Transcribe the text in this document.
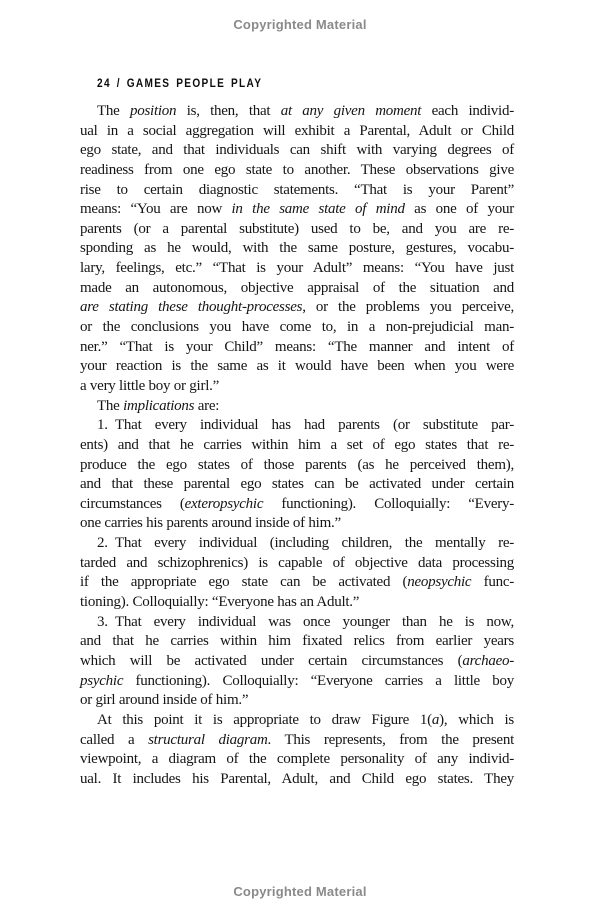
Copyrighted Material
24 / GAMES PEOPLE PLAY
The position is, then, that at any given moment each individ-
ual in a social aggregation will exhibit a Parental, Adult or Child
ego state, and that individuals can shift with varying degrees of
readiness from one ego state to another. These observations give
rise to certain diagnostic statements. “That is your Parent”
means: “You are now in the same state of mind as one of your
parents (or a parental substitute) used to be, and you are re-
sponding as he would, with the same posture, gestures, vocabu-
lary, feelings, etc.” “That is your Adult” means: “You have just
made an autonomous, objective appraisal of the situation and
are stating these thought-processes, or the problems you perceive,
or the conclusions you have come to, in a non-prejudicial man-
ner.” “That is your Child” means: “The manner and intent of
your reaction is the same as it would have been when you were
a very little boy or girl.”
The implications are:
1. That every individual has had parents (or substitute par-
ents) and that he carries within him a set of ego states that re-
produce the ego states of those parents (as he perceived them),
and that these parental ego states can be activated under certain
circumstances (exteropsychic functioning). Colloquially: “Every-
one carries his parents around inside of him.”
2. That every individual (including children, the mentally re-
tarded and schizophrenics) is capable of objective data processing
if the appropriate ego state can be activated (neopsychic func-
tioning). Colloquially: “Everyone has an Adult.”
3. That every individual was once younger than he is now,
and that he carries within him fixated relics from earlier years
which will be activated under certain circumstances (archaeo-
psychic functioning). Colloquially: “Everyone carries a little boy
or girl around inside of him.”
At this point it is appropriate to draw Figure 1(a), which is
called a structural diagram. This represents, from the present
viewpoint, a diagram of the complete personality of any individ-
ual. It includes his Parental, Adult, and Child ego states. They
Copyrighted Material
